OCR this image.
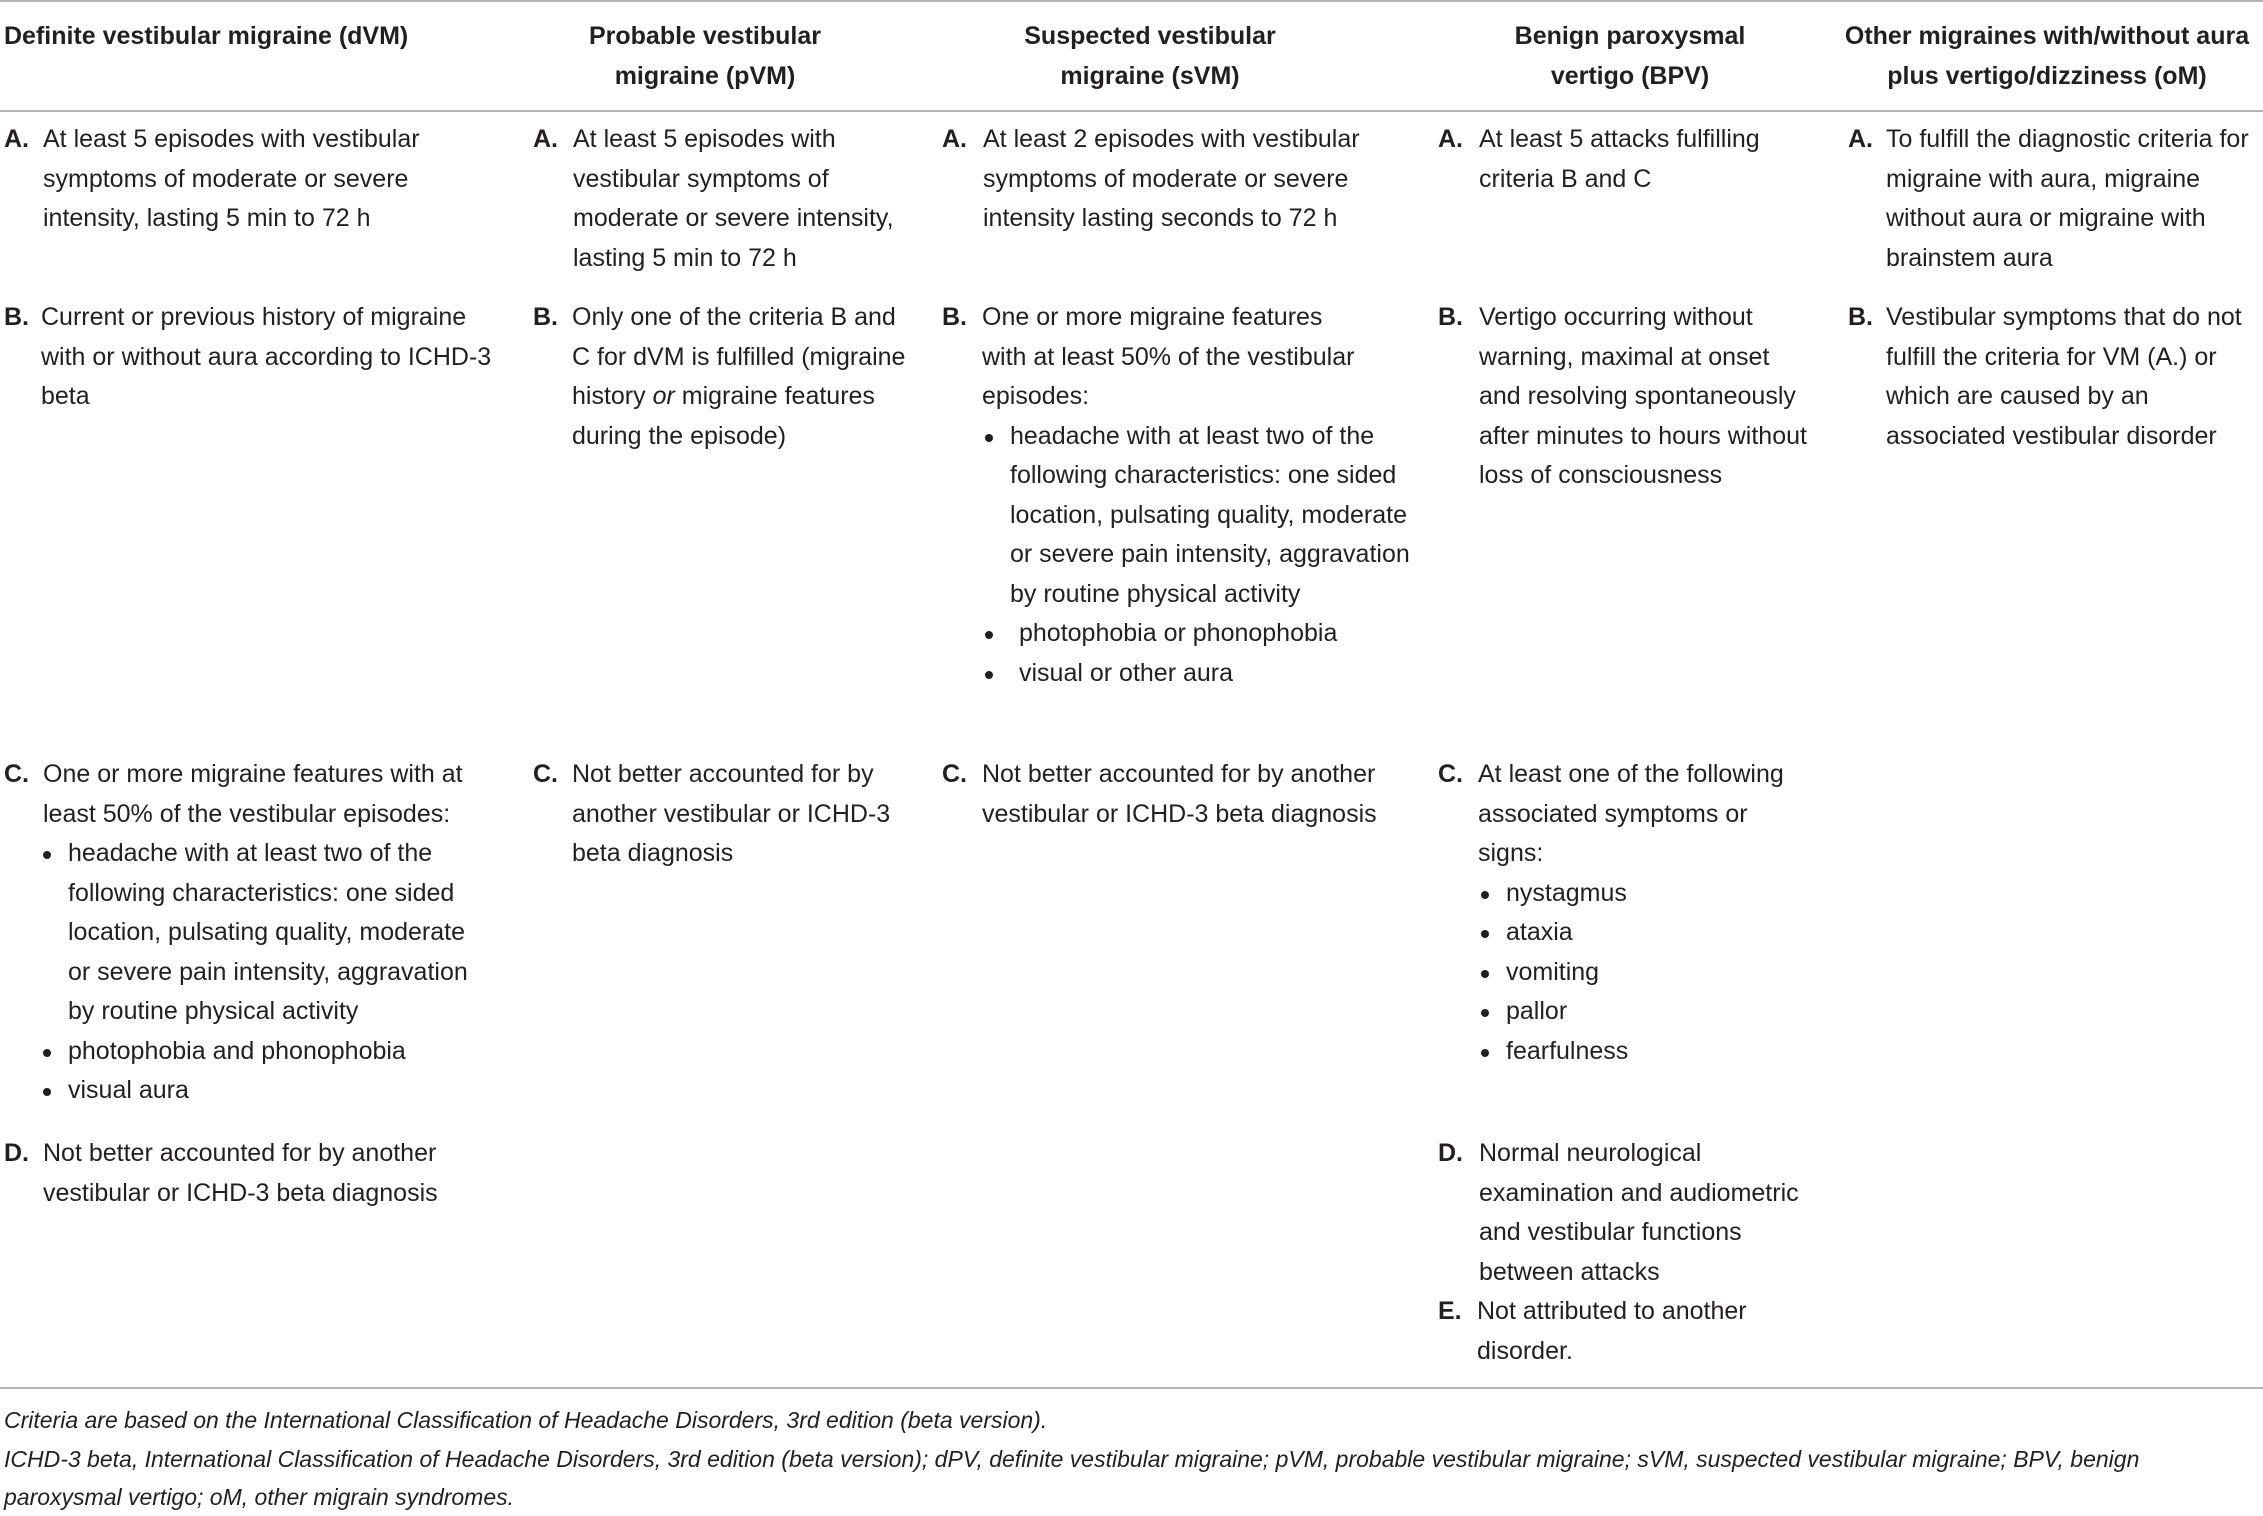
Definite vestibular migraine (dVM)	Probable vestibular migraine (pVM)
Suspected vestibular migraine (sVM)
Benign paroxysmal vertigo (BPV)
Other migraines with/without aura plus vertigo/dizziness (oM)
A. At least 5 episodes with vestibular symptoms of moderate or severe intensity, lasting 5 min to 72 h
B. Current or previous history of migraine with or without aura according to ICHD-3 beta
C. One or more migraine features with at least 50% of the vestibular episodes:
headache with at least two of the following characteristics: one sided location, pulsating quality, moderate or severe pain intensity, aggravation by routine physical activity
photophobia and phonophobia
visual aura
D. Not better accounted for by another vestibular or ICHD-3 beta diagnosis
A. At least 5 episodes with vestibular symptoms of moderate or severe intensity, lasting 5 min to 72 h
B. Only one of the criteria B and C for dVM is fulfilled (migraine history or migraine features during the episode)
C. Not better accounted for by another vestibular or ICHD-3 beta diagnosis
A. At least 2 episodes with vestibular symptoms of moderate or severe intensity lasting seconds to 72 h
B. One or more migraine features with at least 50% of the vestibular episodes:
headache with at least two of the following characteristics: one sided location, pulsating quality, moderate or severe pain intensity, aggravation by routine physical activity
photophobia or phonophobia
visual or other aura
C. Not better accounted for by another vestibular or ICHD-3 beta diagnosis
A. At least 5 attacks fulfilling criteria B and C
B. Vertigo occurring without warning, maximal at onset and resolving spontaneously after minutes to hours without loss of consciousness
C. At least one of the following associated symptoms or signs:
nystagmus
ataxia
vomiting
pallor
fearfulness
D. Normal neurological examination and audiometric and vestibular functions between attacks
E. Not attributed to another disorder.
A. To fulfill the diagnostic criteria for migraine with aura, migraine without aura or migraine with brainstem aura
B. Vestibular symptoms that do not fulfill the criteria for VM (A.) or which are caused by an associated vestibular disorder
Criteria are based on the International Classification of Headache Disorders, 3rd edition (beta version).
ICHD-3 beta, International Classification of Headache Disorders, 3rd edition (beta version); dPV, definite vestibular migraine; pVM, probable vestibular migraine; sVM, suspected vestibular migraine; BPV, benign paroxysmal vertigo; oM, other migrain syndromes.
